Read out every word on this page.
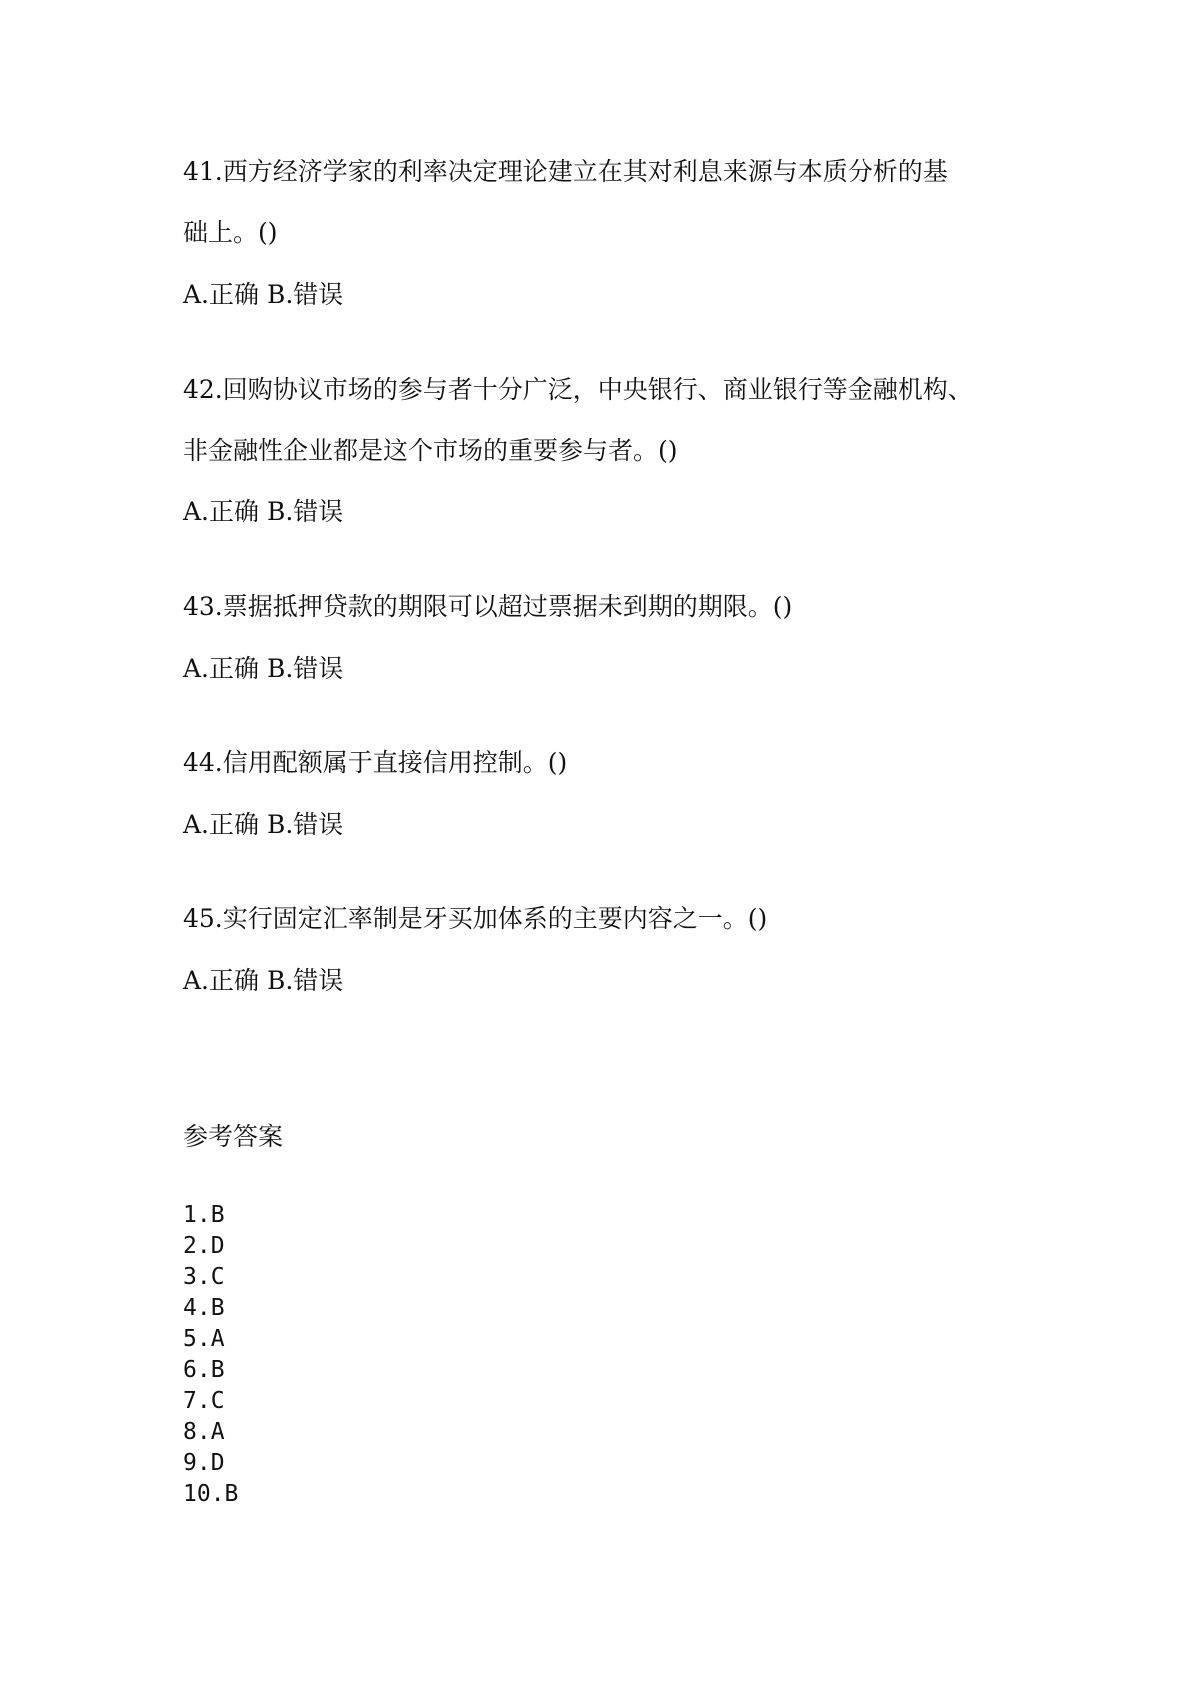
41.西方经济学家的利率决定理论建立在其对利息来源与本质分析的基
础上。()
A.正确 B.错误
42.回购协议市场的参与者十分广泛，中央银行、商业银行等金融机构、
非金融性企业都是这个市场的重要参与者。()
A.正确 B.错误
43.票据抵押贷款的期限可以超过票据未到期的期限。()
A.正确 B.错误
44.信用配额属于直接信用控制。()
A.正确 B.错误
45.实行固定汇率制是牙买加体系的主要内容之一。()
A.正确 B.错误
参考答案
1.B
2.D
3.C
4.B
5.A
6.B
7.C
8.A
9.D
10.B
